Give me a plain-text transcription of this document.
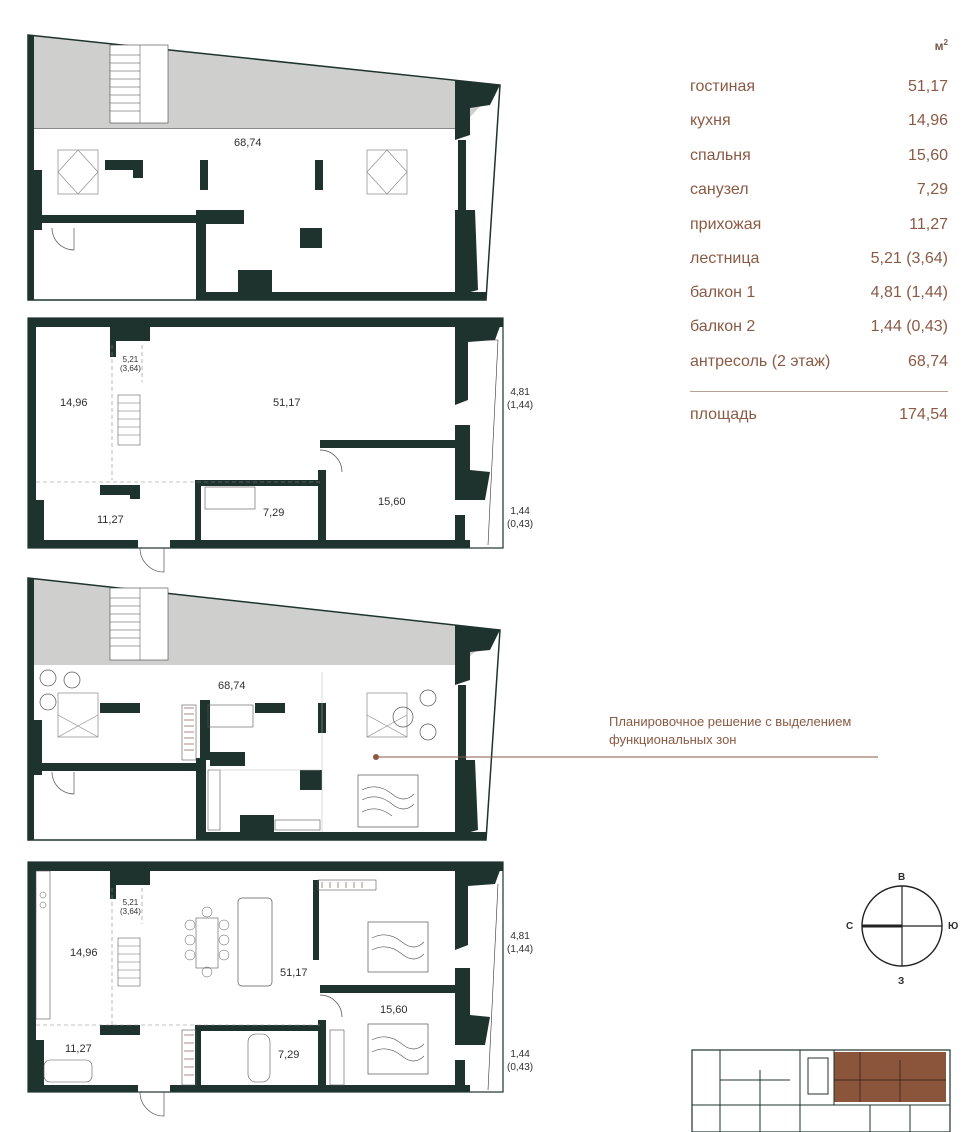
68,74
14,96
5,21
(3,64)
51,17
4,81
(1,44)
11,27
7,29
15,60
1,44
(0,43)
68,74
14,96
5,21
(3,64)
51,17
4,81
(1,44)
11,27	7,29
15,60
1,44
(0,43)
$м^2$
гостиная	51,17
кухня	14,96
спальня	15,60
санузел	7,29
прихожая	11,27
лестница	5,21 (3,64)
балкон 1	4,81 (1,44)
балкон 2	1,44 (0,43)
антресоль (2 этаж)	68,74
площадь	174,54
Планировочное решение с выделением функциональных зон
В
З
С	Ю
